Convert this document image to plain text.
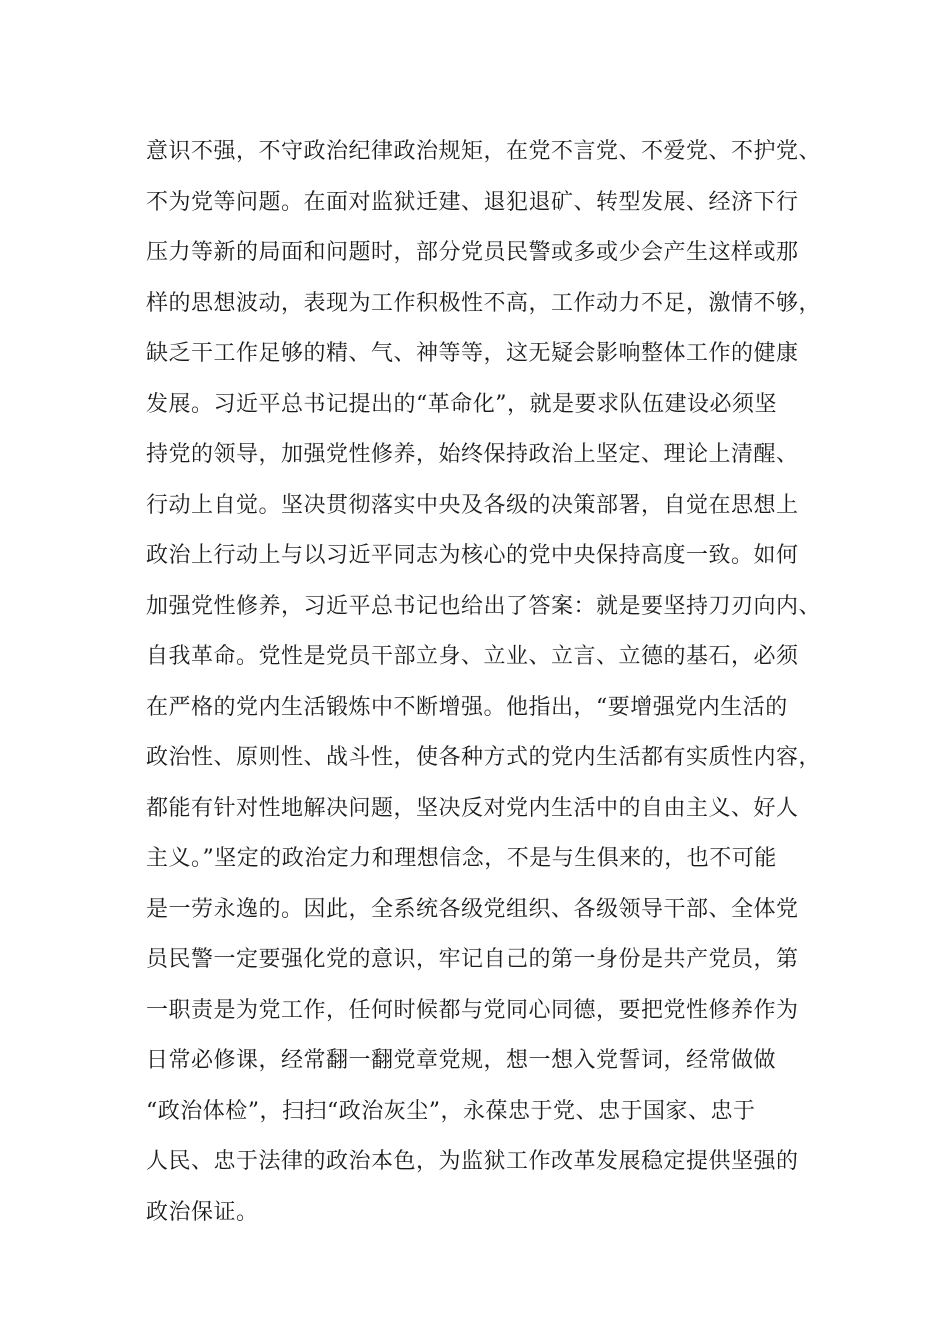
意识不强，不守政治纪律政治规矩，在党不言党、不爱党、不护党、
不为党等问题。在面对监狱迁建、退犯退矿、转型发展、经济下行
压力等新的局面和问题时，部分党员民警或多或少会产生这样或那
样的思想波动，表现为工作积极性不高，工作动力不足，激情不够，
缺乏干工作足够的精、气、神等等，这无疑会影响整体工作的健康
发展。习近平总书记提出的“革命化”，就是要求队伍建设必须坚
持党的领导，加强党性修养，始终保持政治上坚定、理论上清醒、
行动上自觉。坚决贯彻落实中央及各级的决策部署，自觉在思想上
政治上行动上与以习近平同志为核心的党中央保持高度一致。如何
加强党性修养，习近平总书记也给出了答案：就是要坚持刀刃向内、
自我革命。党性是党员干部立身、立业、立言、立德的基石，必须
在严格的党内生活锻炼中不断增强。他指出，“要增强党内生活的
政治性、原则性、战斗性，使各种方式的党内生活都有实质性内容，
都能有针对性地解决问题，坚决反对党内生活中的自由主义、好人
主义。”坚定的政治定力和理想信念，不是与生俱来的，也不可能
是一劳永逸的。因此，全系统各级党组织、各级领导干部、全体党
员民警一定要强化党的意识，牢记自己的第一身份是共产党员，第
一职责是为党工作，任何时候都与党同心同德，要把党性修养作为
日常必修课，经常翻一翻党章党规，想一想入党誓词，经常做做
“政治体检”，扫扫“政治灰尘”，永葆忠于党、忠于国家、忠于
人民、忠于法律的政治本色，为监狱工作改革发展稳定提供坚强的
政治保证。
